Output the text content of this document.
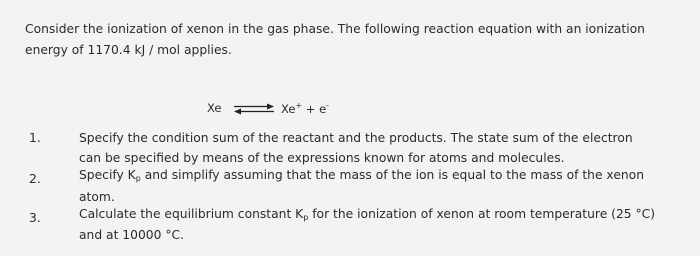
Consider the ionization of xenon in the gas phase. The following reaction equation with an ionization
energy of 1170.4 kJ / mol applies.
Xe ⇌ Xe+ + e-
1.	Specify the condition sum of the reactant and the products. The state sum of the electron
can be specified by means of the expressions known for atoms and molecules.
2.	Specify $K_p$ and simplify assuming that the mass of the ion is equal to the mass of the xenon
atom.
3.	Calculate the equilibrium constant $K_p$ for the ionization of xenon at room temperature (25 °C)
and at 10000 °C.
